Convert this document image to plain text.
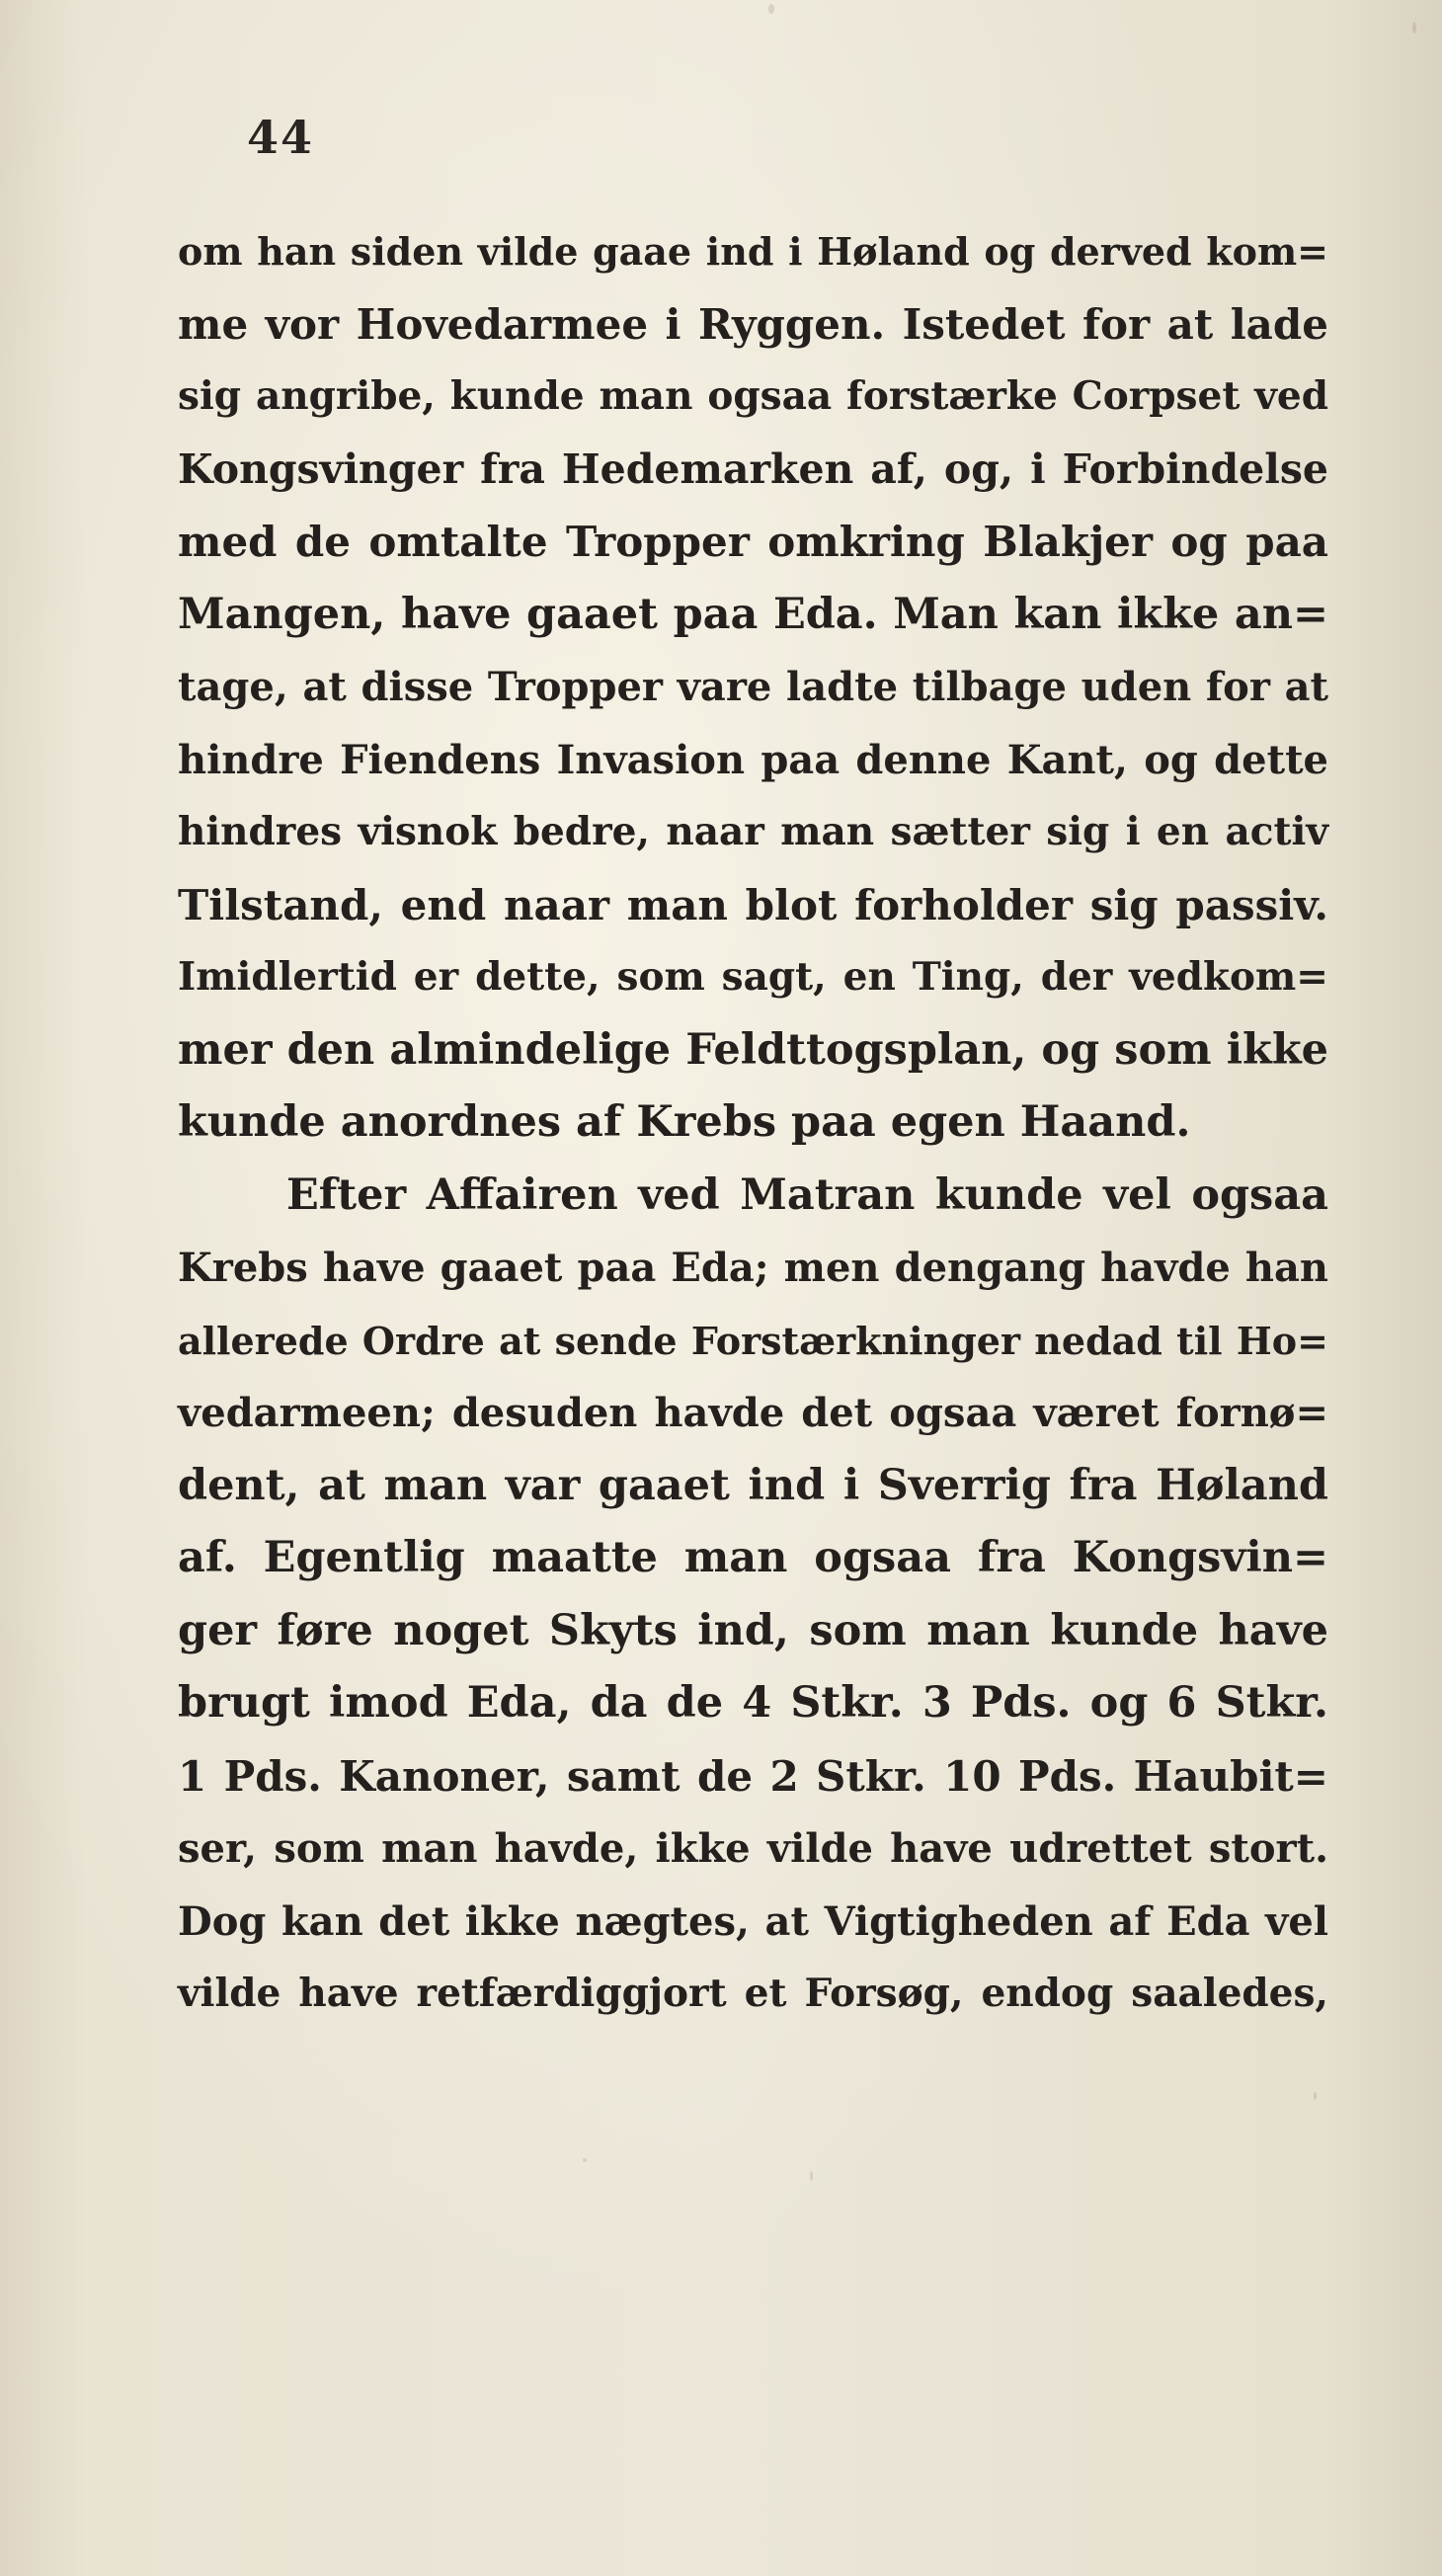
44
om han siden vilde gaae ind i Høland og derved kom=
me vor Hovedarmee i Ryggen. Istedet for at lade
sig angribe, kunde man ogsaa forstærke Corpset ved
Kongsvinger fra Hedemarken af, og, i Forbindelse
med de omtalte Tropper omkring Blakjer og paa
Mangen, have gaaet paa Eda. Man kan ikke an=
tage, at disse Tropper vare ladte tilbage uden for at
hindre Fiendens Invasion paa denne Kant, og dette
hindres visnok bedre, naar man sætter sig i en activ
Tilstand, end naar man blot forholder sig passiv.
Imidlertid er dette, som sagt, en Ting, der vedkom=
mer den almindelige Feldttogsplan, og som ikke
kunde anordnes af Krebs paa egen Haand.
Efter Affairen ved Matran kunde vel ogsaa
Krebs have gaaet paa Eda; men dengang havde han
allerede Ordre at sende Forstærkninger nedad til Ho=
vedarmeen; desuden havde det ogsaa været fornø=
dent, at man var gaaet ind i Sverrig fra Høland
af. Egentlig maatte man ogsaa fra Kongsvin=
ger føre noget Skyts ind, som man kunde have
brugt imod Eda, da de 4 Stkr. 3 Pds. og 6 Stkr.
1 Pds. Kanoner, samt de 2 Stkr. 10 Pds. Haubit=
ser, som man havde, ikke vilde have udrettet stort.
Dog kan det ikke nægtes, at Vigtigheden af Eda vel
vilde have retfærdiggjort et Forsøg, endog saaledes,
